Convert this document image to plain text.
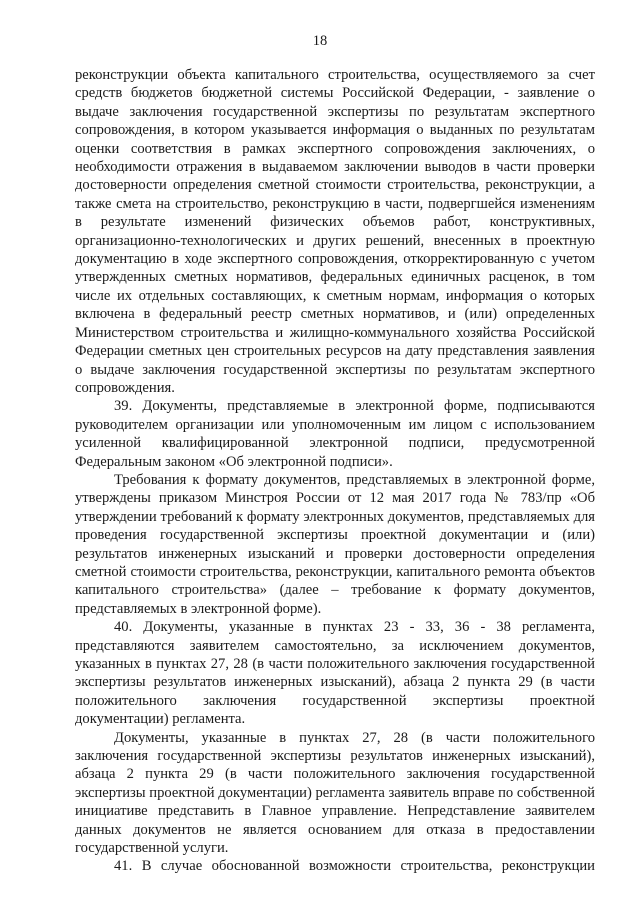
18

реконструкции объекта капитального строительства, осуществляемого за счет средств бюджетов бюджетной системы Российской Федерации, - заявление о выдаче заключения государственной экспертизы по результатам экспертного сопровождения, в котором указывается информация о выданных по результатам оценки соответствия в рамках экспертного сопровождения заключениях, о необходимости отражения в выдаваемом заключении выводов в части проверки достоверности определения сметной стоимости строительства, реконструкции, а также смета на строительство, реконструкцию в части, подвергшейся изменениям в результате изменений физических объемов работ, конструктивных, организационно-технологических и других решений, внесенных в проектную документацию в ходе экспертного сопровождения, откорректированную с учетом утвержденных сметных нормативов, федеральных единичных расценок, в том числе их отдельных составляющих, к сметным нормам, информация о которых включена в федеральный реестр сметных нормативов, и (или) определенных Министерством строительства и жилищно-коммунального хозяйства Российской Федерации сметных цен строительных ресурсов на дату представления заявления о выдаче заключения государственной экспертизы по результатам экспертного сопровождения.

39. Документы, представляемые в электронной форме, подписываются руководителем организации или уполномоченным им лицом с использованием усиленной квалифицированной электронной подписи, предусмотренной Федеральным законом «Об электронной подписи».

Требования к формату документов, представляемых в электронной форме, утверждены приказом Минстроя России от 12 мая 2017 года № 783/пр «Об утверждении требований к формату электронных документов, представляемых для проведения государственной экспертизы проектной документации и (или) результатов инженерных изысканий и проверки достоверности определения сметной стоимости строительства, реконструкции, капитального ремонта объектов капитального строительства» (далее – требование к формату документов, представляемых в электронной форме).

40. Документы, указанные в пунктах 23 - 33, 36 - 38 регламента, представляются заявителем самостоятельно, за исключением документов, указанных в пунктах 27, 28 (в части положительного заключения государственной экспертизы результатов инженерных изысканий), абзаца 2 пункта 29 (в части положительного заключения государственной экспертизы проектной документации) регламента.

Документы, указанные в пунктах 27, 28 (в части положительного заключения государственной экспертизы результатов инженерных изысканий), абзаца 2 пункта 29 (в части положительного заключения государственной экспертизы проектной документации) регламента заявитель вправе по собственной инициативе представить в Главное управление. Непредставление заявителем данных документов не является основанием для отказа в предоставлении государственной услуги.

41. В случае обоснованной возможности строительства, реконструкции
